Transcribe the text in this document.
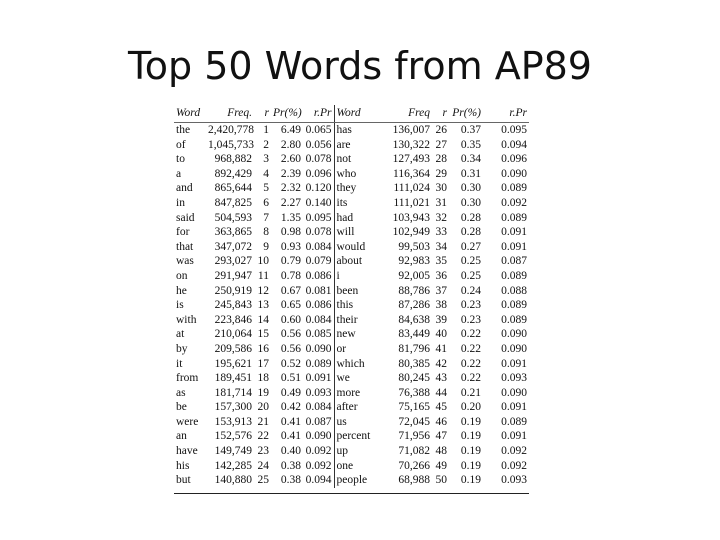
Top 50 Words from AP89
Word	Freq.	r	Pr(%)	r.Pr	Word	Freq	r	Pr(%)	r.Pr
the	2,420,778	1	6.49	0.065	has	136,007	26	0.37	0.095
of	1,045,733	2	2.80	0.056	are	130,322	27	0.35	0.094
to	968,882	3	2.60	0.078	not	127,493	28	0.34	0.096
a	892,429	4	2.39	0.096	who	116,364	29	0.31	0.090
and	865,644	5	2.32	0.120	they	111,024	30	0.30	0.089
in	847,825	6	2.27	0.140	its	111,021	31	0.30	0.092
said	504,593	7	1.35	0.095	had	103,943	32	0.28	0.089
for	363,865	8	0.98	0.078	will	102,949	33	0.28	0.091
that	347,072	9	0.93	0.084	would	99,503	34	0.27	0.091
was	293,027	10	0.79	0.079	about	92,983	35	0.25	0.087
on	291,947	11	0.78	0.086	i	92,005	36	0.25	0.089
he	250,919	12	0.67	0.081	been	88,786	37	0.24	0.088
is	245,843	13	0.65	0.086	this	87,286	38	0.23	0.089
with	223,846	14	0.60	0.084	their	84,638	39	0.23	0.089
at	210,064	15	0.56	0.085	new	83,449	40	0.22	0.090
by	209,586	16	0.56	0.090	or	81,796	41	0.22	0.090
it	195,621	17	0.52	0.089	which	80,385	42	0.22	0.091
from	189,451	18	0.51	0.091	we	80,245	43	0.22	0.093
as	181,714	19	0.49	0.093	more	76,388	44	0.21	0.090
be	157,300	20	0.42	0.084	after	75,165	45	0.20	0.091
were	153,913	21	0.41	0.087	us	72,045	46	0.19	0.089
an	152,576	22	0.41	0.090	percent	71,956	47	0.19	0.091
have	149,749	23	0.40	0.092	up	71,082	48	0.19	0.092
his	142,285	24	0.38	0.092	one	70,266	49	0.19	0.092
but	140,880	25	0.38	0.094	people	68,988	50	0.19	0.093
